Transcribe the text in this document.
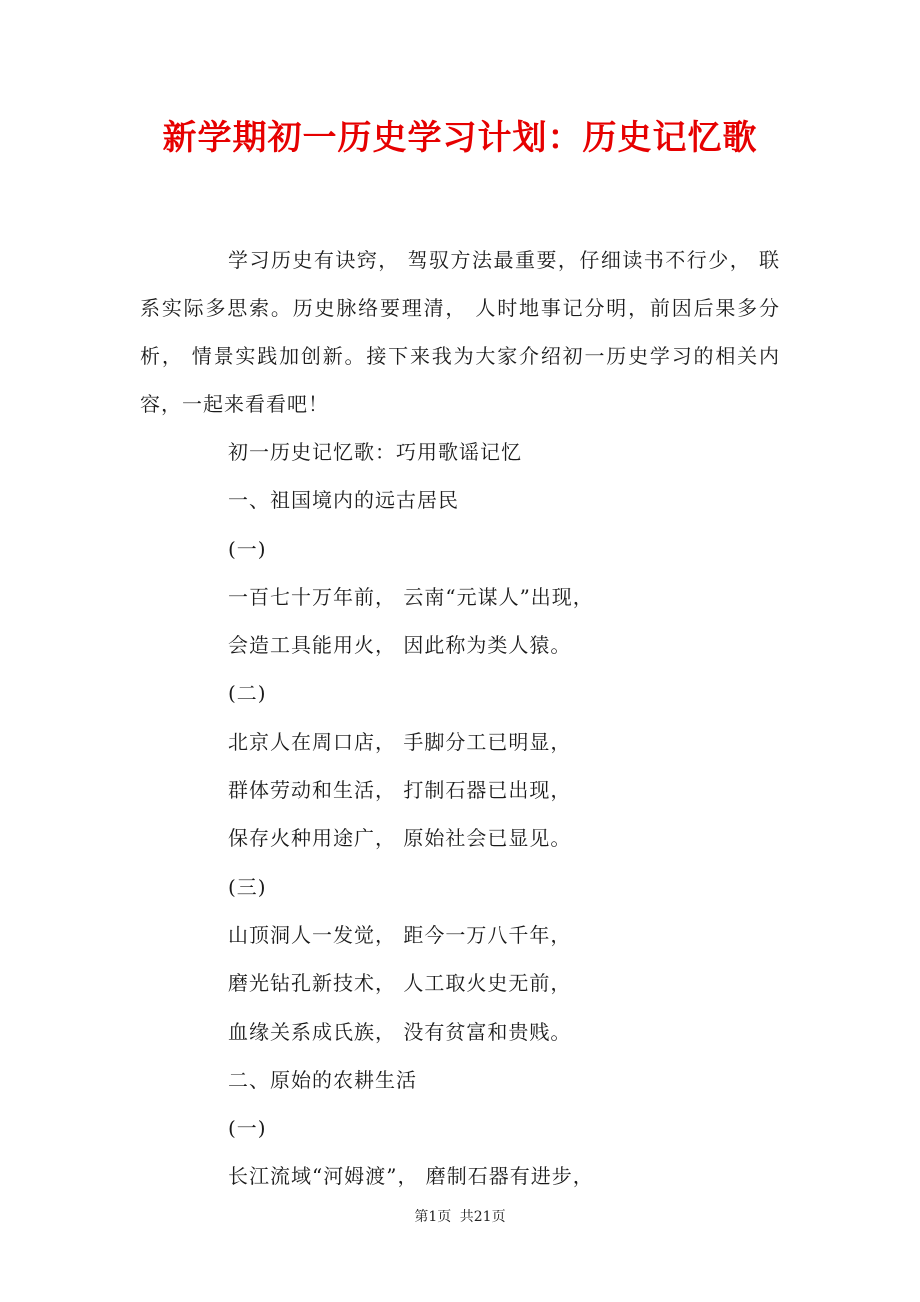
新学期初一历史学习计划：历史记忆歌

学习历史有诀窍， 驾驭方法最重要，仔细读书不行少， 联系实际多思索。历史脉络要理清， 人时地事记分明，前因后果多分析， 情景实践加创新。接下来我为大家介绍初一历史学习的相关内容，一起来看看吧！

初一历史记忆歌：巧用歌谣记忆
一、祖国境内的远古居民
(一)
一百七十万年前， 云南“元谋人”出现，
会造工具能用火， 因此称为类人猿。
(二)
北京人在周口店， 手脚分工已明显，
群体劳动和生活， 打制石器已出现，
保存火种用途广， 原始社会已显见。
(三)
山顶洞人一发觉， 距今一万八千年，
磨光钻孔新技术， 人工取火史无前，
血缘关系成氏族， 没有贫富和贵贱。
二、原始的农耕生活
(一)
长江流域“河姆渡”， 磨制石器有进步，
第1页 共21页
